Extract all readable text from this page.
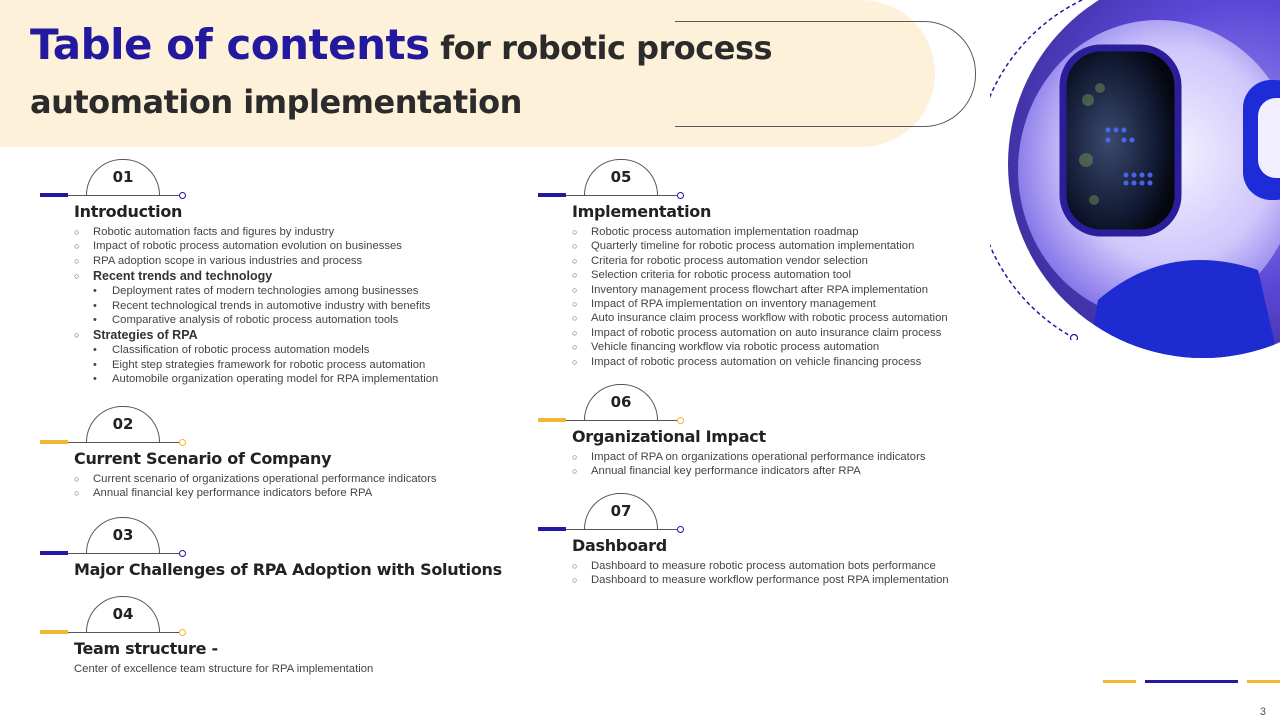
Table of contents for robotic process automation implementation
01
Introduction
○ Robotic automation facts and figures by industry
○ Impact of robotic process automation evolution on businesses
○ RPA adoption scope in various industries and process
○ Recent trends and technology
• Deployment rates of modern technologies among businesses
• Recent technological trends in automotive industry with benefits
• Comparative analysis of robotic process automation tools
○ Strategies of RPA
• Classification of robotic process automation models
• Eight step strategies framework for robotic process automation
• Automobile organization operating model for RPA implementation
02
Current Scenario of Company
○ Current scenario of organizations operational performance indicators
○ Annual financial key performance indicators before RPA
03
Major Challenges of RPA Adoption with Solutions
04
Team structure -
Center of excellence team structure for RPA implementation
05
Implementation
○ Robotic process automation implementation roadmap
○ Quarterly timeline for robotic process automation implementation
○ Criteria for robotic process automation vendor selection
○ Selection criteria for robotic process automation tool
○ Inventory management process flowchart after RPA implementation
○ Impact of RPA implementation on inventory management
○ Auto insurance claim process workflow with robotic process automation
○ Impact of robotic process automation on auto insurance claim process
○ Vehicle financing workflow via robotic process automation
○ Impact of robotic process automation on vehicle financing process
06
Organizational Impact
○ Impact of RPA on organizations operational performance indicators
○ Annual financial key performance indicators after RPA
07
Dashboard
○ Dashboard to measure robotic process automation bots performance
○ Dashboard to measure workflow performance post RPA implementation
3
